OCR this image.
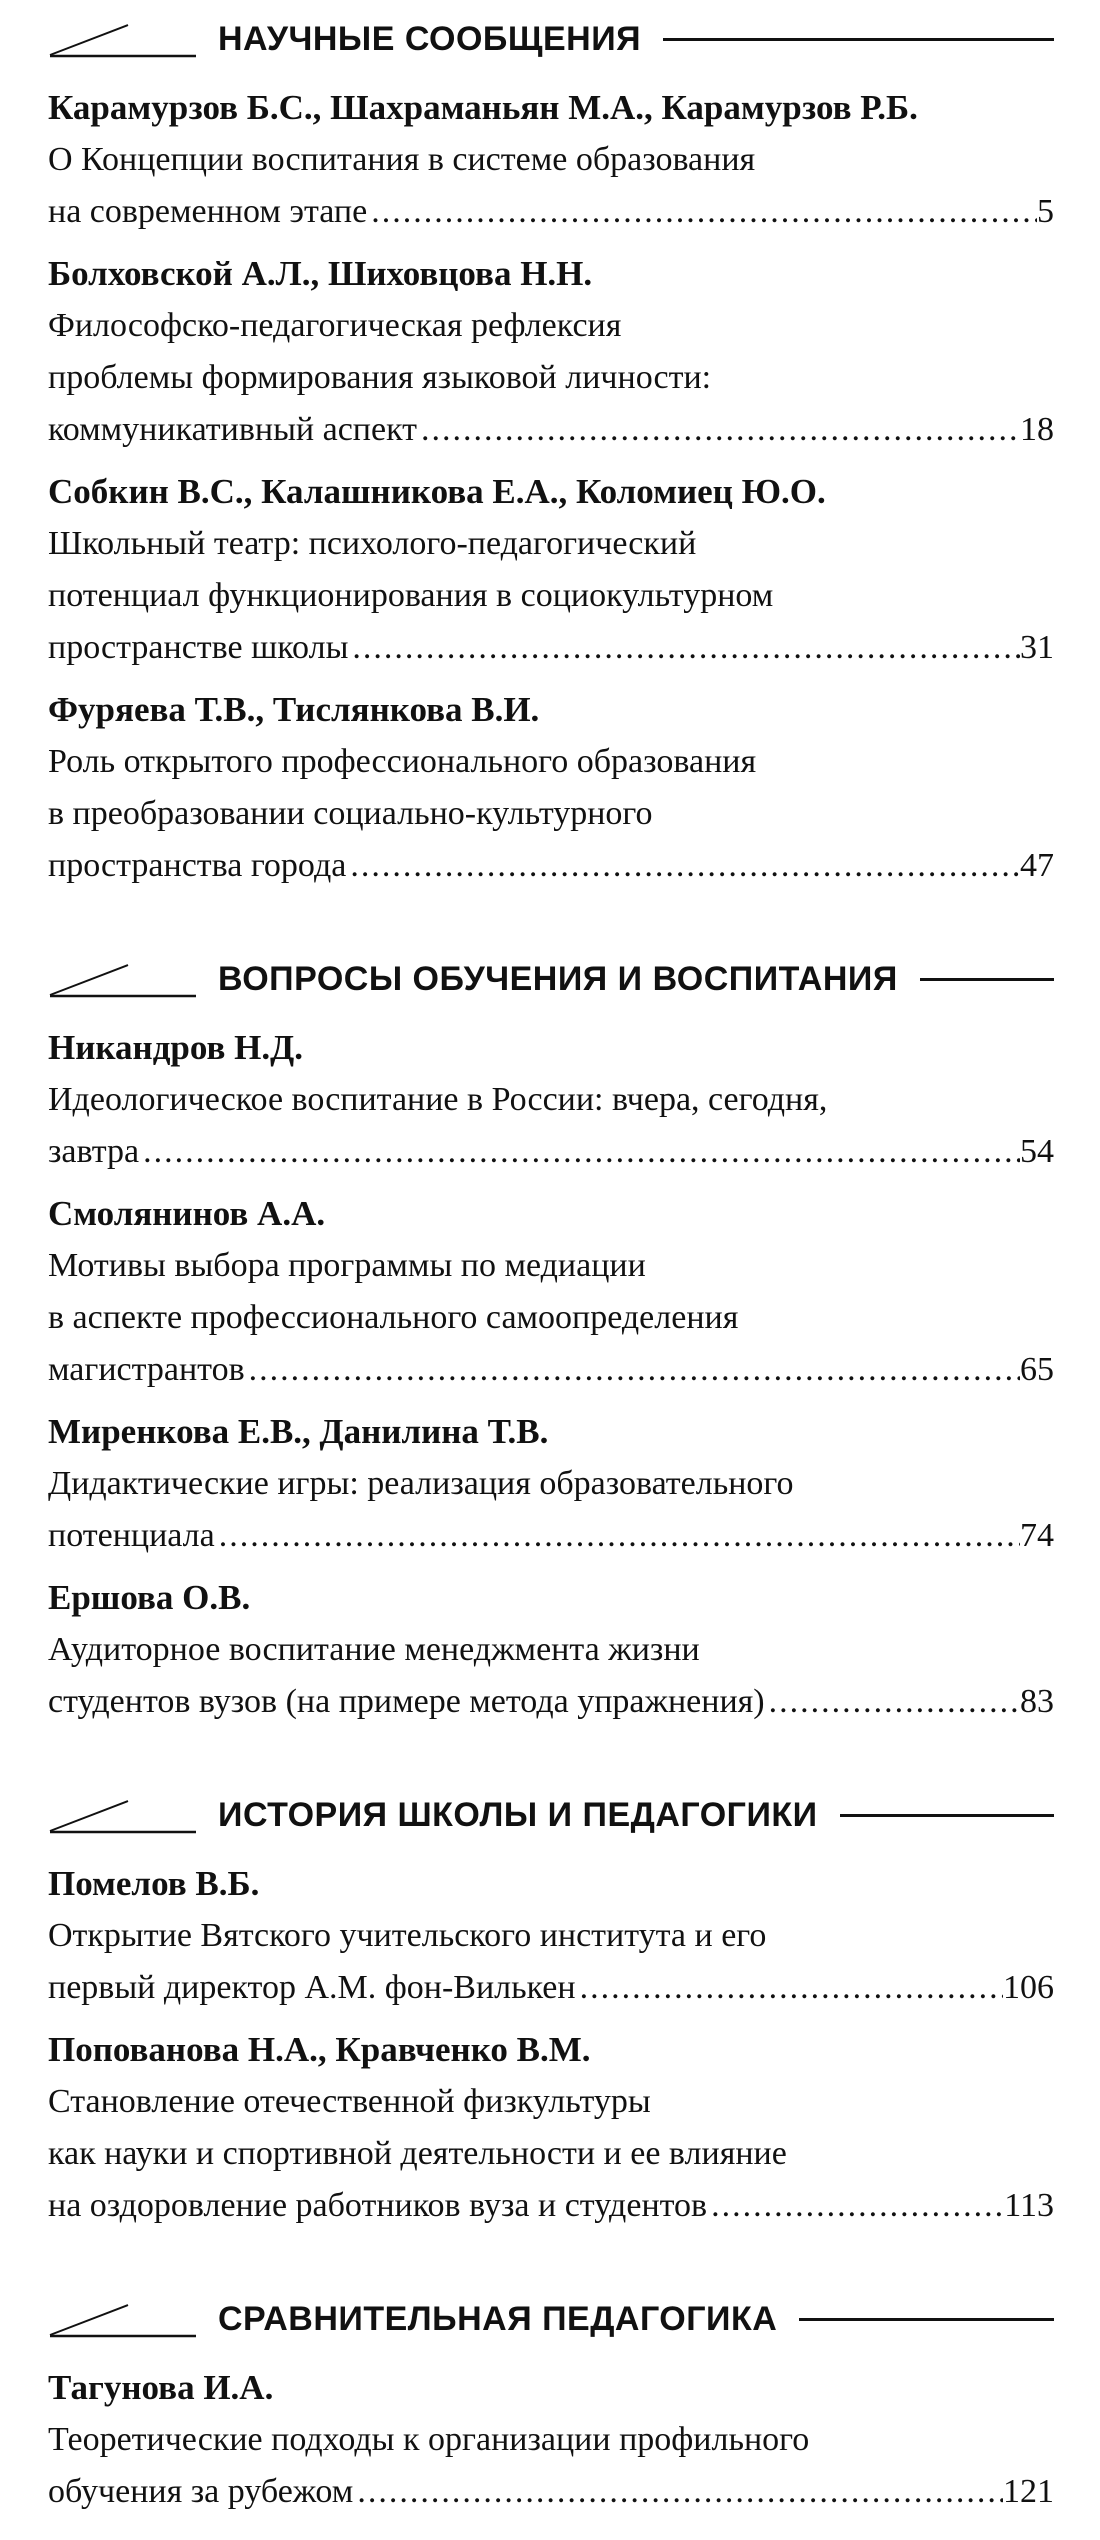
НАУЧНЫЕ СООБЩЕНИЯ
Карамурзов Б.С., Шахраманьян М.А., Карамурзов Р.Б.
О Концепции воспитания в системе образования
на современном этапе .....	5
Болховской А.Л., Шиховцова Н.Н.
Философско-педагогическая рефлексия
проблемы формирования языковой личности:
коммуникативный аспект .....	18
Собкин В.С., Калашникова Е.А., Коломиец Ю.О.
Школьный театр: психолого-педагогический
потенциал функционирования в социокультурном
пространстве школы .....	31
Фуряева Т.В., Тислянкова В.И.
Роль открытого профессионального образования
в преобразовании социально-культурного
пространства города .....	47
ВОПРОСЫ ОБУЧЕНИЯ И ВОСПИТАНИЯ
Никандров Н.Д.
Идеологическое воспитание в России: вчера, сегодня,
завтра .....	54
Смолянинов А.А.
Мотивы выбора программы по медиации
в аспекте профессионального самоопределения
магистрантов .....	65
Миренкова Е.В., Данилина Т.В.
Дидактические игры: реализация образовательного
потенциала .....	74
Ершова О.В.
Аудиторное воспитание менеджмента жизни
студентов вузов (на примере метода упражнения) .....	83
ИСТОРИЯ ШКОЛЫ И ПЕДАГОГИКИ
Помелов В.Б.
Открытие Вятского учительского института и его
первый директор А.М. фон-Вилькен .....	106
Попованова Н.А., Кравченко В.М.
Становление отечественной физкультуры
как науки и спортивной деятельности и ее влияние
на оздоровление работников вуза и студентов .....	113
СРАВНИТЕЛЬНАЯ ПЕДАГОГИКА
Тагунова И.А.
Теоретические подходы к организации профильного
обучения за рубежом .....	121
